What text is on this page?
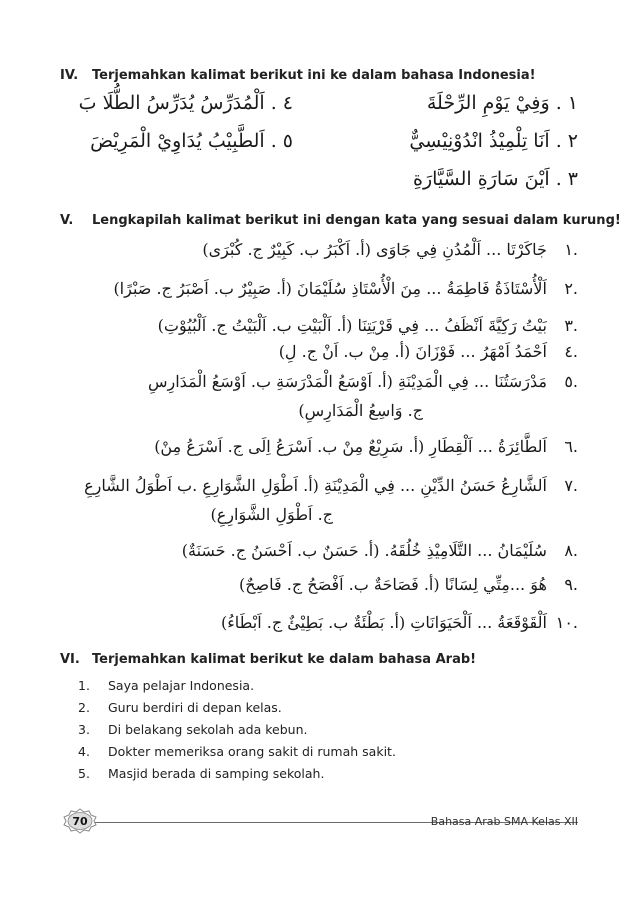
IV. Terjemahkan kalimat berikut ini ke dalam bahasa Indonesia!
١ . وَفِيْ يَوْمِ الرِّحْلَةَ
٢ . اَنَا تِلْمِيْذُ انْدُوْنِيْسِيٌّ
٣ . اَيْنَ سَارَةِ السَّيَّارَةِ
٤ . اَلْمُدَرِّسُ يُدَرِّسُ الطُّلَا بَ
٥ . اَلطَّبِيْبُ يُدَاوِيْ الْمَرِيْضَ
V. Lengkapilah kalimat berikut ini dengan kata yang sesuai dalam kurung!
.١ جَاكَرْتَا ... اَلْمُدُنِ فِي جَاوَى (أ. اَكْبَرُ ب. كَبِيْرٌ ج. كُبْرَى)
.٢ اَلْأُسْتَاذَةُ فَاطِمَةُ ... مِنَ الْأُسْتَاذِ سُلَيْمَانَ (أ. صَبِيْرٌ ب. اَصْبَرُ ج. صَبْرًا)
.٣ بَيْتُ رَكِيَّةَ اَنْظَفُ ... فِي قَرْيَتِنَا (أ. اَلْبَيْتِ ب. اَلْبَيْتُ ج. اَلْبُيُوْتِ)
.٤ اَحْمَدُ اَمْهَرُ ... فَوْزَانَ (أ. مِنْ ب. اَنْ ج. لِ)
.٥ مَدْرَسَتُنَا ... فِي الْمَدِيْنَةِ (أ. اَوْسَعُ الْمَدْرَسَةِ ب. اَوْسَعُ الْمَدَارِسِ
ج. وَاسِعُ الْمَدَارِسِ)
.٦ اَلطَّائِرَةُ ... اَلْقِطَارِ (أ. سَرِيْعٌ مِنْ ب. اَسْرَعُ اِلَى ج. اَسْرَعُ مِنْ)
.٧ اَلشَّارِعُ حَسَنُ الدِّيْنِ ... فِي الْمَدِيْنَةِ (أ. اَطْوَلِ الشَّوَارِعِ .ب اَطْوَلُ الشَّارِعِ
ج. اَطْوَلِ الشَّوَارِعِ)
.٨ سُلَيْمَانُ ... التَّلَامِيْذِ خُلُقَهُ. (أ. حَسَنٌ ب. اَحْسَنُ ج. حَسَنَةٌ)
.٩ هُوَ ...مِتِّي لِسَانًا (أ. فَصَاحَةٌ ب. اَفْصَحُ ج. فَاصِحٌ)
.١٠ اَلْقَوْقَعَةُ ... اَلْحَيَوَانَاتِ (أ. بَطْئَةٌ ب. بَطِيْئٌ ج. اَبْطَاءُ)
VI. Terjemahkan kalimat berikut ke dalam bahasa Arab!
1. Saya pelajar Indonesia.
2. Guru berdiri di depan kelas.
3. Di belakang sekolah ada kebun.
4. Dokter memeriksa orang sakit di rumah sakit.
5. Masjid berada di samping sekolah.
70	Bahasa Arab SMA Kelas XII
